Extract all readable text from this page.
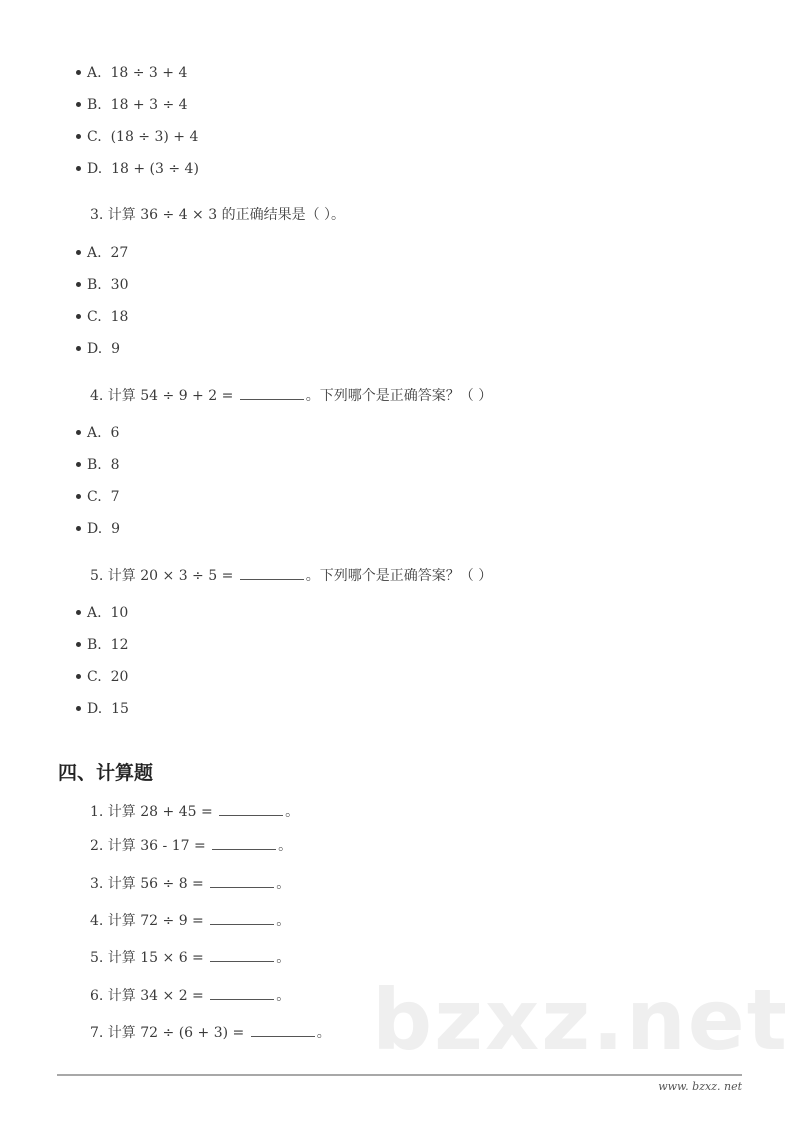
A. 18 ÷ 3 + 4
B. 18 + 3 ÷ 4
C. (18 ÷ 3) + 4
D. 18 + (3 ÷ 4)
3. 计算 36 ÷ 4 × 3 的正确结果是（ ）。
A. 27
B. 30
C. 18
D. 9
4. 计算 54 ÷ 9 + 2 =	。下列哪个是正确答案？（ ）
A. 6
B. 8
C. 7
D. 9
5. 计算 20 × 3 ÷ 5 =	。下列哪个是正确答案？（ ）
A. 10
B. 12
C. 20
D. 15
四、计算题
1. 计算 28 + 45 =	。
2. 计算 36 - 17 =	。
3. 计算 56 ÷ 8 =	。
4. 计算 72 ÷ 9 =	。
5. 计算 15 × 6 =	。
6. 计算 34 × 2 =	。
7. 计算 72 ÷ (6 + 3) =	。 bzxz.net
www. bzxz. net
